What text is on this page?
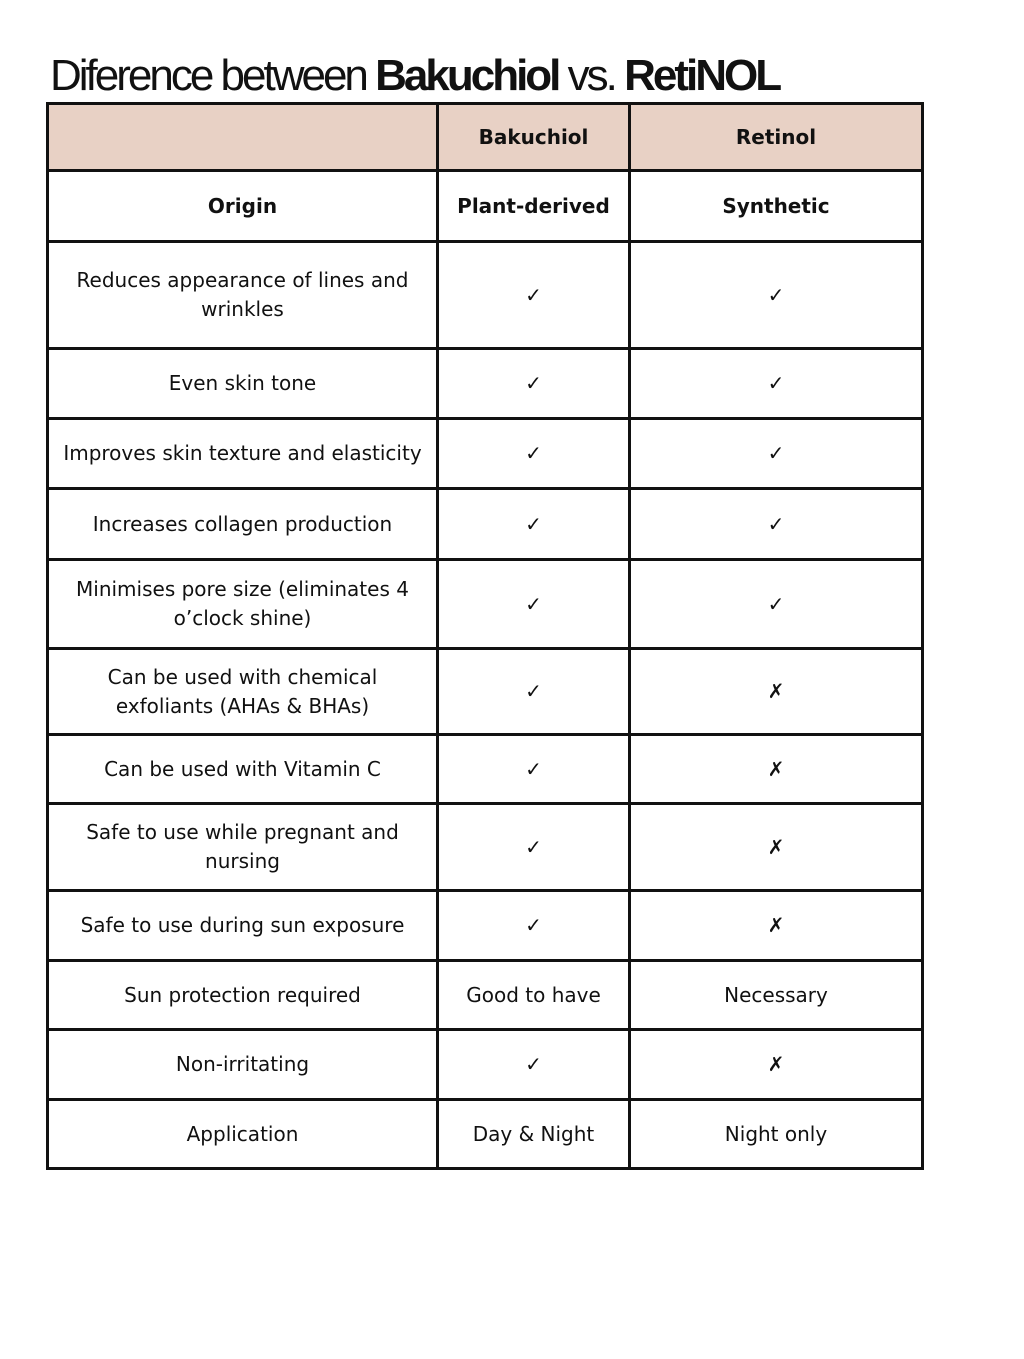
Diference between Bakuchiol vs. RetiNOL
	Bakuchiol	Retinol
Origin	Plant-derived	Synthetic
Reduces appearance of lines and wrinkles	✓	✓
Even skin tone	✓	✓
Improves skin texture and elasticity	✓	✓
Increases collagen production	✓	✓
Minimises pore size (eliminates 4 o’clock shine)	✓	✓
Can be used with chemical exfoliants (AHAs & BHAs)	✓	✗
Can be used with Vitamin C	✓	✗
Safe to use while pregnant and nursing	✓	✗
Safe to use during sun exposure	✓	✗
Sun protection required	Good to have	Necessary
Non-irritating	✓	✗
Application	Day & Night	Night only
